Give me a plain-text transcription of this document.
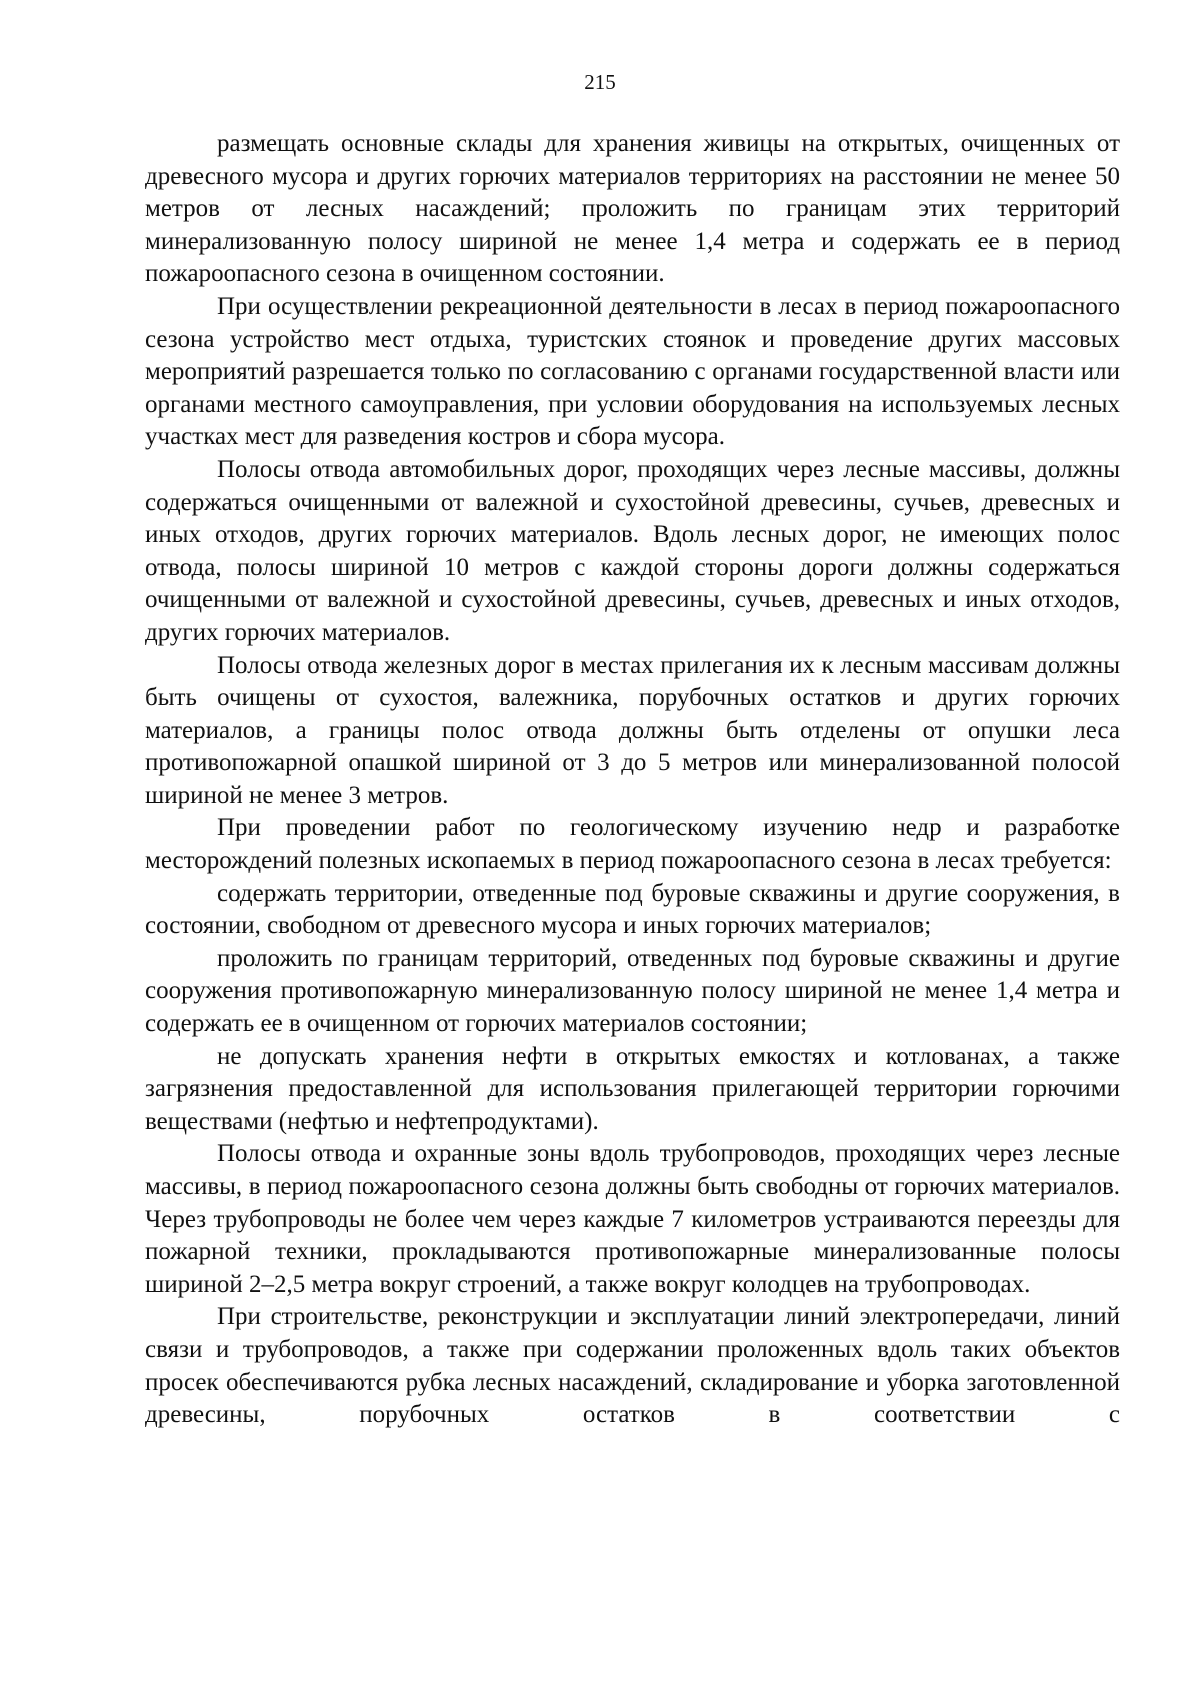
215

размещать основные склады для хранения живицы на открытых, очищенных от древесного мусора и других горючих материалов территориях на расстоянии не менее 50 метров от лесных насаждений; проложить по границам этих территорий минерализованную полосу шириной не менее 1,4 метра и содержать ее в период пожароопасного сезона в очищенном состоянии.

При осуществлении рекреационной деятельности в лесах в период пожароопасного сезона устройство мест отдыха, туристских стоянок и проведение других массовых мероприятий разрешается только по согласованию с органами государственной власти или органами местного самоуправления, при условии оборудования на используемых лесных участках мест для разведения костров и сбора мусора.

Полосы отвода автомобильных дорог, проходящих через лесные массивы, должны содержаться очищенными от валежной и сухостойной древесины, сучьев, древесных и иных отходов, других горючих материалов. Вдоль лесных дорог, не имеющих полос отвода, полосы шириной 10 метров с каждой стороны дороги должны содержаться очищенными от валежной и сухостойной древесины, сучьев, древесных и иных отходов, других горючих материалов.

Полосы отвода железных дорог в местах прилегания их к лесным массивам должны быть очищены от сухостоя, валежника, порубочных остатков и других горючих материалов, а границы полос отвода должны быть отделены от опушки леса противопожарной опашкой шириной от 3 до 5 метров или минерализованной полосой шириной не менее 3 метров.

При проведении работ по геологическому изучению недр и разработке месторождений полезных ископаемых в период пожароопасного сезона в лесах требуется:

содержать территории, отведенные под буровые скважины и другие сооружения, в состоянии, свободном от древесного мусора и иных горючих материалов;

проложить по границам территорий, отведенных под буровые скважины и другие сооружения противопожарную минерализованную полосу шириной не менее 1,4 метра и содержать ее в очищенном от горючих материалов состоянии;

не допускать хранения нефти в открытых емкостях и котлованах, а также загрязнения предоставленной для использования прилегающей территории горючими веществами (нефтью и нефтепродуктами).

Полосы отвода и охранные зоны вдоль трубопроводов, проходящих через лесные массивы, в период пожароопасного сезона должны быть свободны от горючих материалов. Через трубопроводы не более чем через каждые 7 километров устраиваются переезды для пожарной техники, прокладываются противопожарные минерализованные полосы шириной 2–2,5 метра вокруг строений, а также вокруг колодцев на трубопроводах.

При строительстве, реконструкции и эксплуатации линий электропередачи, линий связи и трубопроводов, а также при содержании проложенных вдоль таких объектов просек обеспечиваются рубка лесных насаждений, складирование и уборка заготовленной древесины, порубочных остатков в соответствии с
